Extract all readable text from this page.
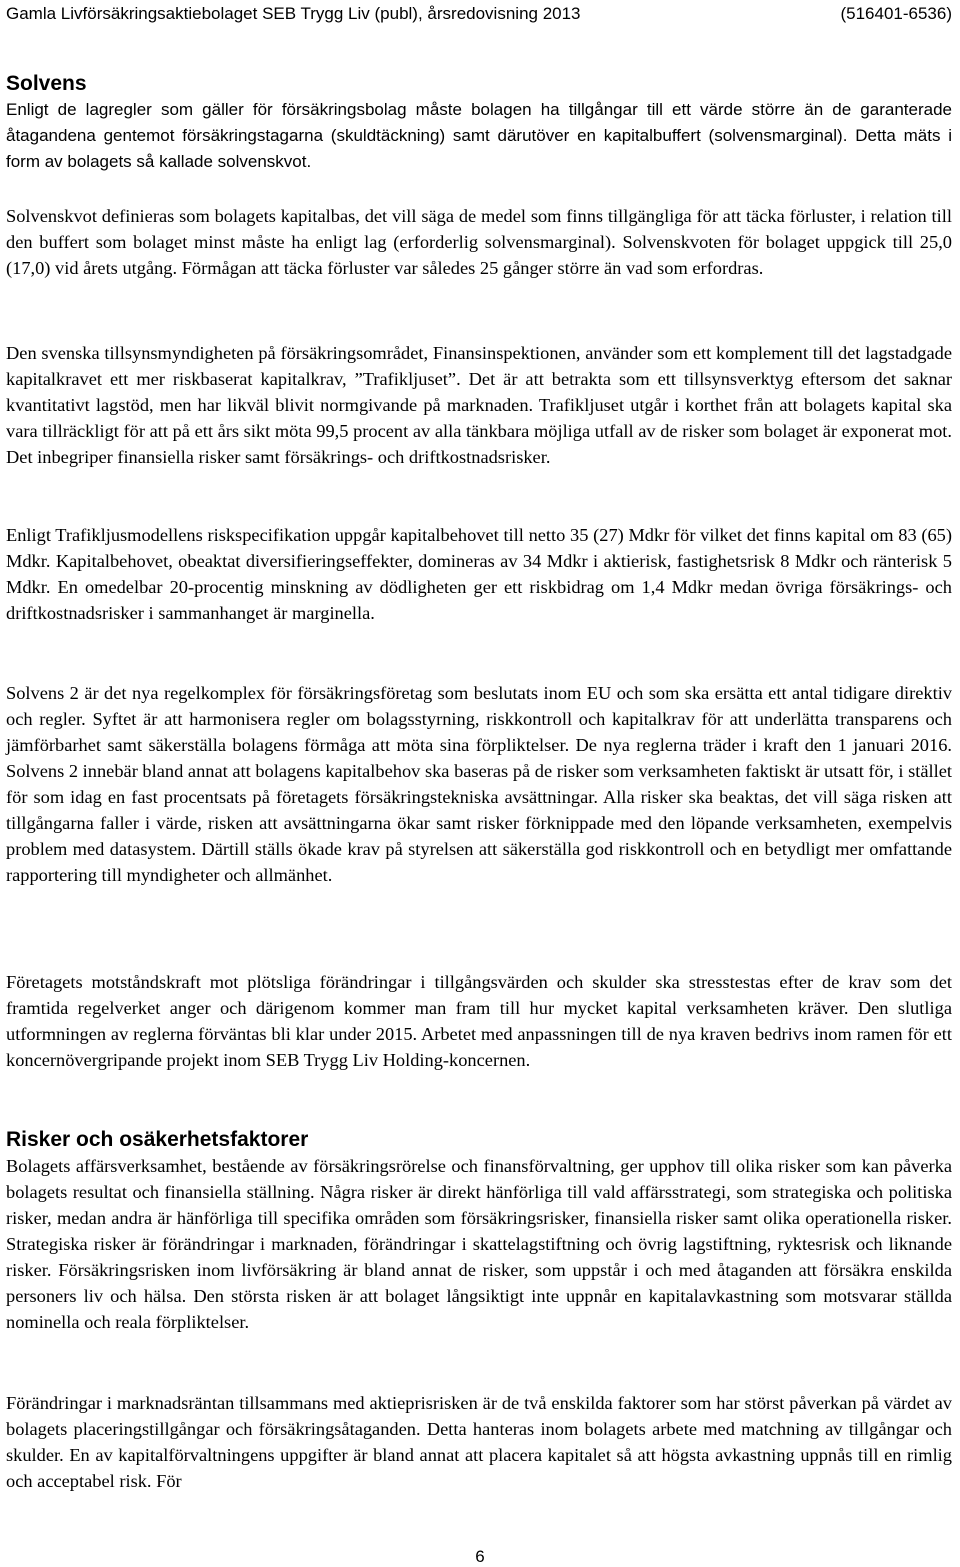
Gamla Livförsäkringsaktiebolaget SEB Trygg Liv (publ), årsredovisning 2013	(516401-6536)
Solvens

Enligt de lagregler som gäller för försäkringsbolag måste bolagen ha tillgångar till ett värde större än de garanterade åtagandena gentemot försäkringstagarna (skuldtäckning) samt därutöver en kapitalbuffert (solvensmarginal). Detta mäts i form av bolagets så kallade solvenskvot.

Solvenskvot definieras som bolagets kapitalbas, det vill säga de medel som finns tillgängliga för att täcka förluster, i relation till den buffert som bolaget minst måste ha enligt lag (erforderlig solvensmarginal). Solvenskvoten för bolaget uppgick till 25,0 (17,0) vid årets utgång. Förmågan att täcka förluster var således 25 gånger större än vad som erfordras.

Den svenska tillsynsmyndigheten på försäkringsområdet, Finansinspektionen, använder som ett komplement till det lagstadgade kapitalkravet ett mer riskbaserat kapitalkrav, ”Trafikljuset”. Det är att betrakta som ett tillsynsverktyg eftersom det saknar kvantitativt lagstöd, men har likväl blivit normgivande på marknaden. Trafikljuset utgår i korthet från att bolagets kapital ska vara tillräckligt för att på ett års sikt möta 99,5 procent av alla tänkbara möjliga utfall av de risker som bolaget är exponerat mot. Det inbegriper finansiella risker samt försäkrings- och driftkostnadsrisker.

Enligt Trafikljusmodellens riskspecifikation uppgår kapitalbehovet till netto 35 (27) Mdkr för vilket det finns kapital om 83 (65) Mdkr. Kapitalbehovet, obeaktat diversifieringseffekter, domineras av 34 Mdkr i aktierisk, fastighetsrisk 8 Mdkr och ränterisk 5 Mdkr. En omedelbar 20-procentig minskning av dödligheten ger ett riskbidrag om 1,4 Mdkr medan övriga försäkrings- och driftkostnadsrisker i sammanhanget är marginella.

Solvens 2 är det nya regelkomplex för försäkringsföretag som beslutats inom EU och som ska ersätta ett antal tidigare direktiv och regler. Syftet är att harmonisera regler om bolagsstyrning, riskkontroll och kapitalkrav för att underlätta transparens och jämförbarhet samt säkerställa bolagens förmåga att möta sina förpliktelser. De nya reglerna träder i kraft den 1 januari 2016. Solvens 2 innebär bland annat att bolagens kapitalbehov ska baseras på de risker som verksamheten faktiskt är utsatt för, i stället för som idag en fast procentsats på företagets försäkringstekniska avsättningar. Alla risker ska beaktas, det vill säga risken att tillgångarna faller i värde, risken att avsättningarna ökar samt risker förknippade med den löpande verksamheten, exempelvis problem med datasystem. Därtill ställs ökade krav på styrelsen att säkerställa god riskkontroll och en betydligt mer omfattande rapportering till myndigheter och allmänhet.

Företagets motståndskraft mot plötsliga förändringar i tillgångsvärden och skulder ska stresstestas efter de krav som det framtida regelverket anger och därigenom kommer man fram till hur mycket kapital verksamheten kräver. Den slutliga utformningen av reglerna förväntas bli klar under 2015. Arbetet med anpassningen till de nya kraven bedrivs inom ramen för ett koncernövergripande projekt inom SEB Trygg Liv Holding-koncernen.

Risker och osäkerhetsfaktorer

Bolagets affärsverksamhet, bestående av försäkringsrörelse och finansförvaltning, ger upphov till olika risker som kan påverka bolagets resultat och finansiella ställning. Några risker är direkt hänförliga till vald affärsstrategi, som strategiska och politiska risker, medan andra är hänförliga till specifika områden som försäkringsrisker, finansiella risker samt olika operationella risker. Strategiska risker är förändringar i marknaden, förändringar i skattelagstiftning och övrig lagstiftning, ryktesrisk och liknande risker. Försäkringsrisken inom livförsäkring är bland annat de risker, som uppstår i och med åtaganden att försäkra enskilda personers liv och hälsa. Den största risken är att bolaget långsiktigt inte uppnår en kapitalavkastning som motsvarar ställda nominella och reala förpliktelser.

Förändringar i marknadsräntan tillsammans med aktieprisrisken är de två enskilda faktorer som har störst påverkan på värdet av bolagets placeringstillgångar och försäkringsåtaganden. Detta hanteras inom bolagets arbete med matchning av tillgångar och skulder. En av kapitalförvaltningens uppgifter är bland annat att placera kapitalet så att högsta avkastning uppnås till en rimlig och acceptabel risk. För

6
